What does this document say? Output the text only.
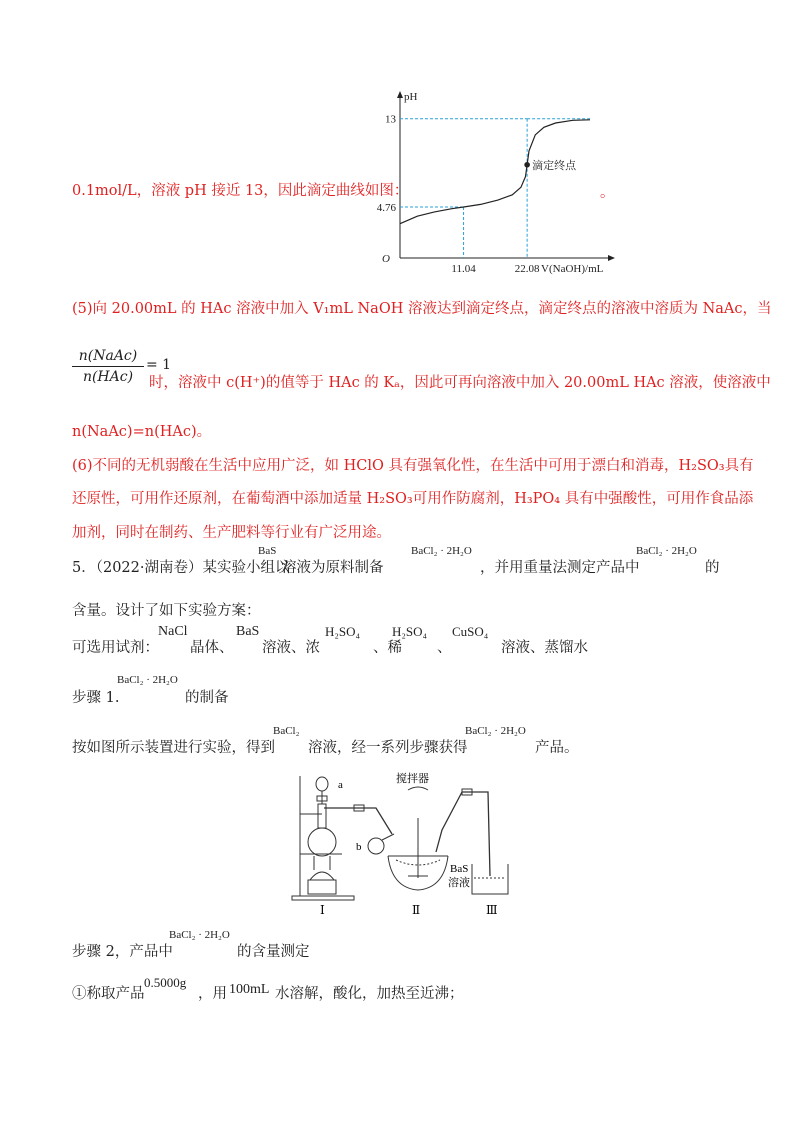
0.1mol/L，溶液 pH 接近 13，因此滴定曲线如图：	。
滴定终点
pH
4.76
13
11.04	22.08
O
V(NaOH)/mL
(5)向 20.00mL 的 HAc 溶液中加入 V₁mL NaOH 溶液达到滴定终点，滴定终点的溶液中溶质为 NaAc，当
n(NaAc)
n(HAc)
= 1
时，溶液中 c(H⁺)的值等于 HAc 的 Kₐ，因此可再向溶液中加入 20.00mL HAc 溶液，使溶液中
n(NaAc)=n(HAc)。
(6)不同的无机弱酸在生活中应用广泛，如 HClO 具有强氧化性，在生活中可用于漂白和消毒，H₂SO₃具有
还原性，可用作还原剂，在葡萄酒中添加适量 H₂SO₃可用作防腐剂，H₃PO₄ 具有中强酸性，可用作食品添
加剂，同时在制药、生产肥料等行业有广泛用途。
5．（2022·湖南卷）某实验小组以
BaS
溶液为原料制备
BaCl₂ · 2H₂O
，并用重量法测定产品中
BaCl₂ · 2H₂O
的
含量。设计了如下实验方案：
可选用试剂：
NaCl
晶体、
BaS
溶液、浓
H₂SO₄
、稀
H₂SO₄
、
CuSO₄
溶液、蒸馏水
步骤 1.
BaCl₂ · 2H₂O
的制备
按如图所示装置进行实验，得到
BaCl₂
溶液，经一系列步骤获得
BaCl₂ · 2H₂O
产品。
a
b
搅拌器
BaS
溶液
Ⅰ	Ⅱ	Ⅲ
步骤 2，产品中
BaCl₂ · 2H₂O
的含量测定
①称取产品
0.5000g
，用 100mL 水溶解，酸化，加热至近沸；
